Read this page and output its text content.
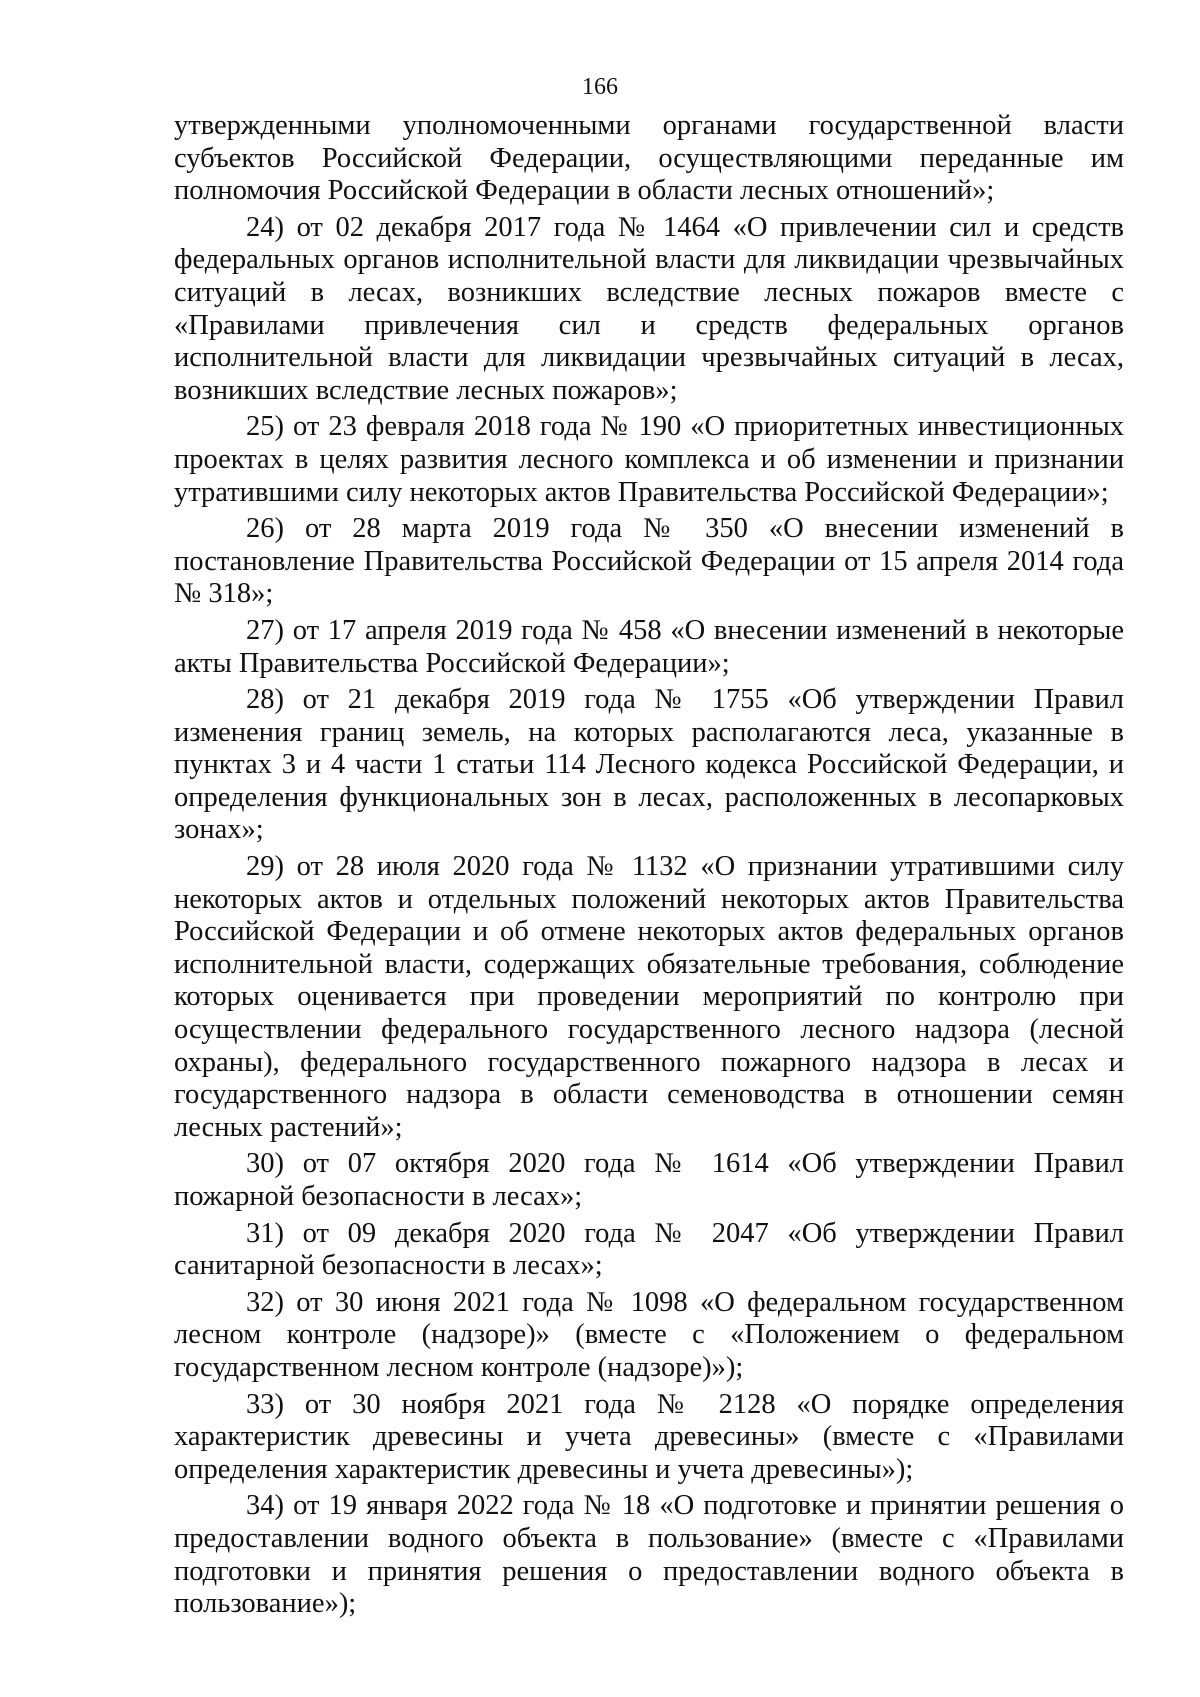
166

утвержденными уполномоченными органами государственной власти субъектов Российской Федерации, осуществляющими переданные им полномочия Российской Федерации в области лесных отношений»;

24) от 02 декабря 2017 года № 1464 «О привлечении сил и средств федеральных органов исполнительной власти для ликвидации чрезвычайных ситуаций в лесах, возникших вследствие лесных пожаров вместе с «Правилами привлечения сил и средств федеральных органов исполнительной власти для ликвидации чрезвычайных ситуаций в лесах, возникших вследствие лесных пожаров»;

25) от 23 февраля 2018 года № 190 «О приоритетных инвестиционных проектах в целях развития лесного комплекса и об изменении и признании утратившими силу некоторых актов Правительства Российской Федерации»;

26) от 28 марта 2019 года № 350 «О внесении изменений в постановление Правительства Российской Федерации от 15 апреля 2014 года № 318»;

27) от 17 апреля 2019 года № 458 «О внесении изменений в некоторые акты Правительства Российской Федерации»;

28) от 21 декабря 2019 года № 1755 «Об утверждении Правил изменения границ земель, на которых располагаются леса, указанные в пунктах 3 и 4 части 1 статьи 114 Лесного кодекса Российской Федерации, и определения функциональных зон в лесах, расположенных в лесопарковых зонах»;

29) от 28 июля 2020 года № 1132 «О признании утратившими силу некоторых актов и отдельных положений некоторых актов Правительства Российской Федерации и об отмене некоторых актов федеральных органов исполнительной власти, содержащих обязательные требования, соблюдение которых оценивается при проведении мероприятий по контролю при осуществлении федерального государственного лесного надзора (лесной охраны), федерального государственного пожарного надзора в лесах и государственного надзора в области семеноводства в отношении семян лесных растений»;

30) от 07 октября 2020 года № 1614 «Об утверждении Правил пожарной безопасности в лесах»;

31) от 09 декабря 2020 года № 2047 «Об утверждении Правил санитарной безопасности в лесах»;

32) от 30 июня 2021 года № 1098 «О федеральном государственном лесном контроле (надзоре)» (вместе с «Положением о федеральном государственном лесном контроле (надзоре)»);

33) от 30 ноября 2021 года № 2128 «О порядке определения характеристик древесины и учета древесины» (вместе с «Правилами определения характеристик древесины и учета древесины»);

34) от 19 января 2022 года № 18 «О подготовке и принятии решения о предоставлении водного объекта в пользование» (вместе с «Правилами подготовки и принятия решения о предоставлении водного объекта в пользование»);
